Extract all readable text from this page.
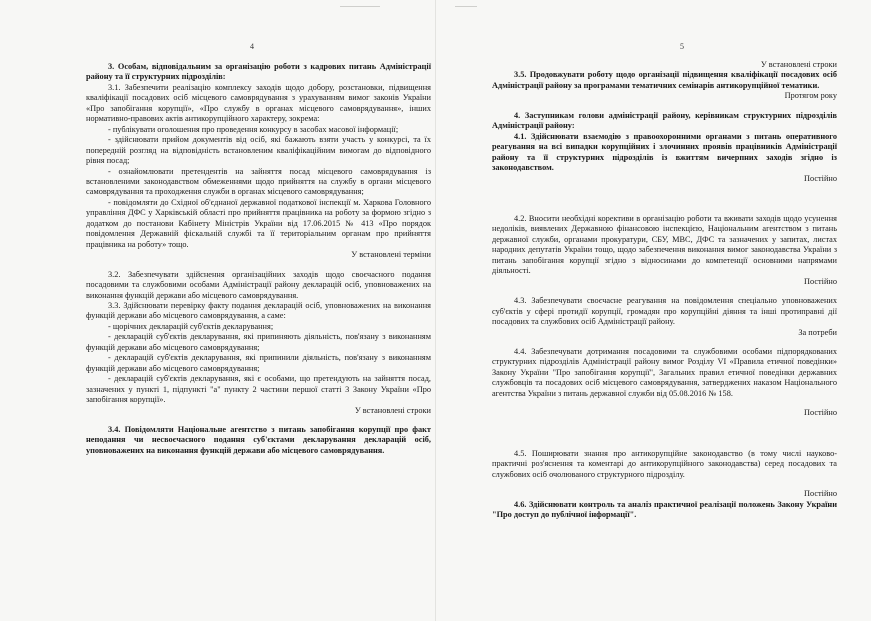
4

3. Особам, відповідальним за організацію роботи з кадрових питань Адміністрації району та її структурних підрозділів:

3.1. Забезпечити реалізацію комплексу заходів щодо добору, розстановки, підвищення кваліфікації посадових осіб місцевого самоврядування з урахуванням вимог законів України «Про запобігання корупції», «Про службу в органах місцевого самоврядування», інших нормативно-правових актів антикорупційного характеру, зокрема:

- публікувати оголошення про проведення конкурсу в засобах масової інформації;

- здійснювати прийом документів від осіб, які бажають взяти участь у конкурсі, та їх попередній розгляд на відповідність встановленим кваліфікаційним вимогам до відповідного рівня посад;

- ознайомлювати претендентів на зайняття посад місцевого самоврядування із встановленими законодавством обмеженнями щодо прийняття на службу в органи місцевого самоврядування та проходження служби в органах місцевого самоврядування;

- повідомляти до Східної об'єднаної державної податкової інспекції м. Харкова Головного управління ДФС у Харківській області про прийняття працівника на роботу за формою згідно з додатком до постанови Кабінету Міністрів України від 17.06.2015 № 413 «Про порядок повідомлення Державній фіскальній службі та її територіальним органам про прийняття працівника на роботу» тощо.

У встановлені терміни

3.2. Забезпечувати здійснення організаційних заходів щодо своєчасного подання посадовими та службовими особами Адміністрації району декларацій осіб, уповноважених на виконання функцій держави або місцевого самоврядування.

3.3. Здійснювати перевірку факту подання декларацій осіб, уповноважених на виконання функцій держави або місцевого самоврядування, а саме:

- щорічних декларацій суб'єктів декларування;

- декларацій суб'єктів декларування, які припиняють діяльність, пов'язану з виконанням функцій держави або місцевого самоврядування;

- декларацій суб'єктів декларування, які припинили діяльність, пов'язану з виконанням функцій держави або місцевого самоврядування;

- декларацій суб'єктів декларування, які є особами, що претендують на зайняття посад, зазначених у пункті 1, підпункті "а" пункту 2 частини першої статті 3 Закону України «Про запобігання корупції».

У встановлені строки

3.4. Повідомляти Національне агентство з питань запобігання корупції про факт неподання чи несвоєчасного подання суб'єктами декларування декларацій осіб, уповноважених на виконання функцій держави або місцевого самоврядування.

5

У встановлені строки

3.5. Продовжувати роботу щодо організації підвищення кваліфікації посадових осіб Адміністрації району за програмами тематичних семінарів антикорупційної тематики.

Протягом року

4. Заступникам голови адміністрації району, керівникам структурних підрозділів Адміністрації району:

4.1. Здійснювати взаємодію з правоохоронними органами з питань оперативного реагування на всі випадки корупційних і злочинних проявів працівників Адміністрації району та її структурних підрозділів із вжиттям вичерпних заходів згідно із законодавством.

Постійно

4.2. Вносити необхідні корективи в організацію роботи та вживати заходів щодо усунення недоліків, виявлених Державною фінансовою інспекцією, Національним агентством з питань державної служби, органами прокуратури, СБУ, МВС, ДФС та зазначених у запитах, листах народних депутатів України тощо, щодо забезпечення виконання вимог законодавства України з питань запобігання корупції згідно з відносинами до компетенції основними напрямами діяльності.

Постійно

4.3. Забезпечувати своєчасне реагування на повідомлення спеціально уповноважених суб'єктів у сфері протидії корупції, громадян про корупційні діяння та інші протиправні дії посадових та службових осіб Адміністрації району.

За потреби

4.4. Забезпечувати дотримання посадовими та службовими особами підпорядкованих структурних підрозділів Адміністрації району вимог Розділу VI «Правила етичної поведінки» Закону України "Про запобігання корупції", Загальних правил етичної поведінки державних службовців та посадових осіб місцевого самоврядування, затверджених наказом Національного агентства України з питань державної служби від 05.08.2016 № 158.

Постійно

4.5. Поширювати знання про антикорупційне законодавство (в тому числі науково-практичні роз'яснення та коментарі до антикорупційного законодавства) серед посадових та службових осіб очолюваного структурного підрозділу.

Постійно

4.6. Здійснювати контроль та аналіз практичної реалізації положень Закону України "Про доступ до публічної інформації".
